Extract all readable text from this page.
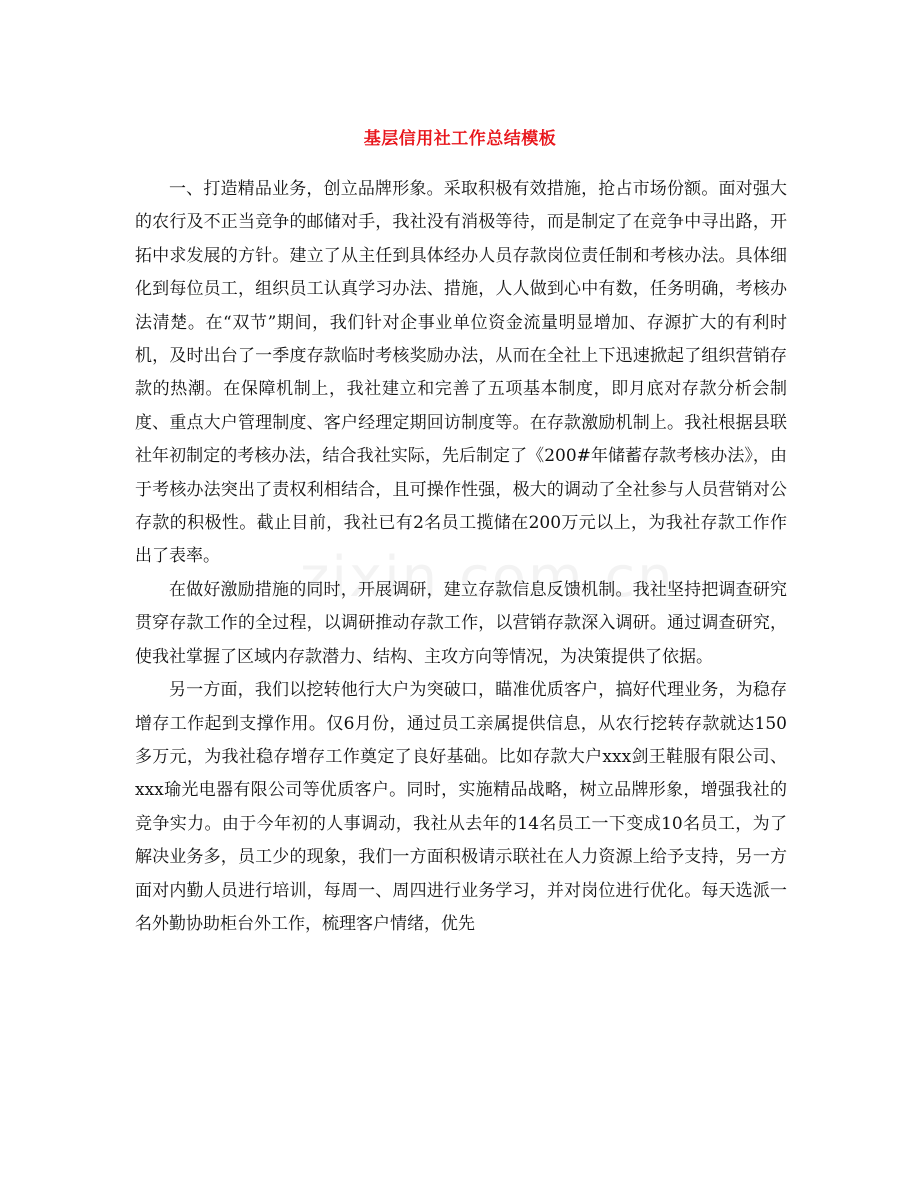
基层信用社工作总结模板

一、打造精品业务，创立品牌形象。采取积极有效措施，抢占市场份额。面对强大的农行及不正当竞争的邮储对手，我社没有消极等待，而是制定了在竞争中寻出路，开拓中求发展的方针。建立了从主任到具体经办人员存款岗位责任制和考核办法。具体细化到每位员工，组织员工认真学习办法、措施，人人做到心中有数，任务明确，考核办法清楚。在“双节”期间，我们针对企事业单位资金流量明显增加、存源扩大的有利时机，及时出台了一季度存款临时考核奖励办法，从而在全社上下迅速掀起了组织营销存款的热潮。在保障机制上，我社建立和完善了五项基本制度，即月底对存款分析会制度、重点大户管理制度、客户经理定期回访制度等。在存款激励机制上。我社根据县联社年初制定的考核办法，结合我社实际，先后制定了《200#年储蓄存款考核办法》，由于考核办法突出了责权利相结合，且可操作性强，极大的调动了全社参与人员营销对公存款的积极性。截止目前，我社已有2名员工揽储在200万元以上，为我社存款工作作出了表率。

在做好激励措施的同时，开展调研，建立存款信息反馈机制。我社坚持把调查研究贯穿存款工作的全过程，以调研推动存款工作，以营销存款深入调研。通过调查研究，使我社掌握了区域内存款潜力、结构、主攻方向等情况，为决策提供了依据。

另一方面，我们以挖转他行大户为突破口，瞄准优质客户，搞好代理业务，为稳存增存工作起到支撑作用。仅6月份，通过员工亲属提供信息，从农行挖转存款就达150多万元，为我社稳存增存工作奠定了良好基础。比如存款大户xxx剑王鞋服有限公司、xxx瑜光电器有限公司等优质客户。同时，实施精品战略，树立品牌形象，增强我社的竞争实力。由于今年初的人事调动，我社从去年的14名员工一下变成10名员工，为了解决业务多，员工少的现象，我们一方面积极请示联社在人力资源上给予支持，另一方面对内勤人员进行培训，每周一、周四进行业务学习，并对岗位进行优化。每天选派一名外勤协助柜台外工作，梳理客户情绪，优先
